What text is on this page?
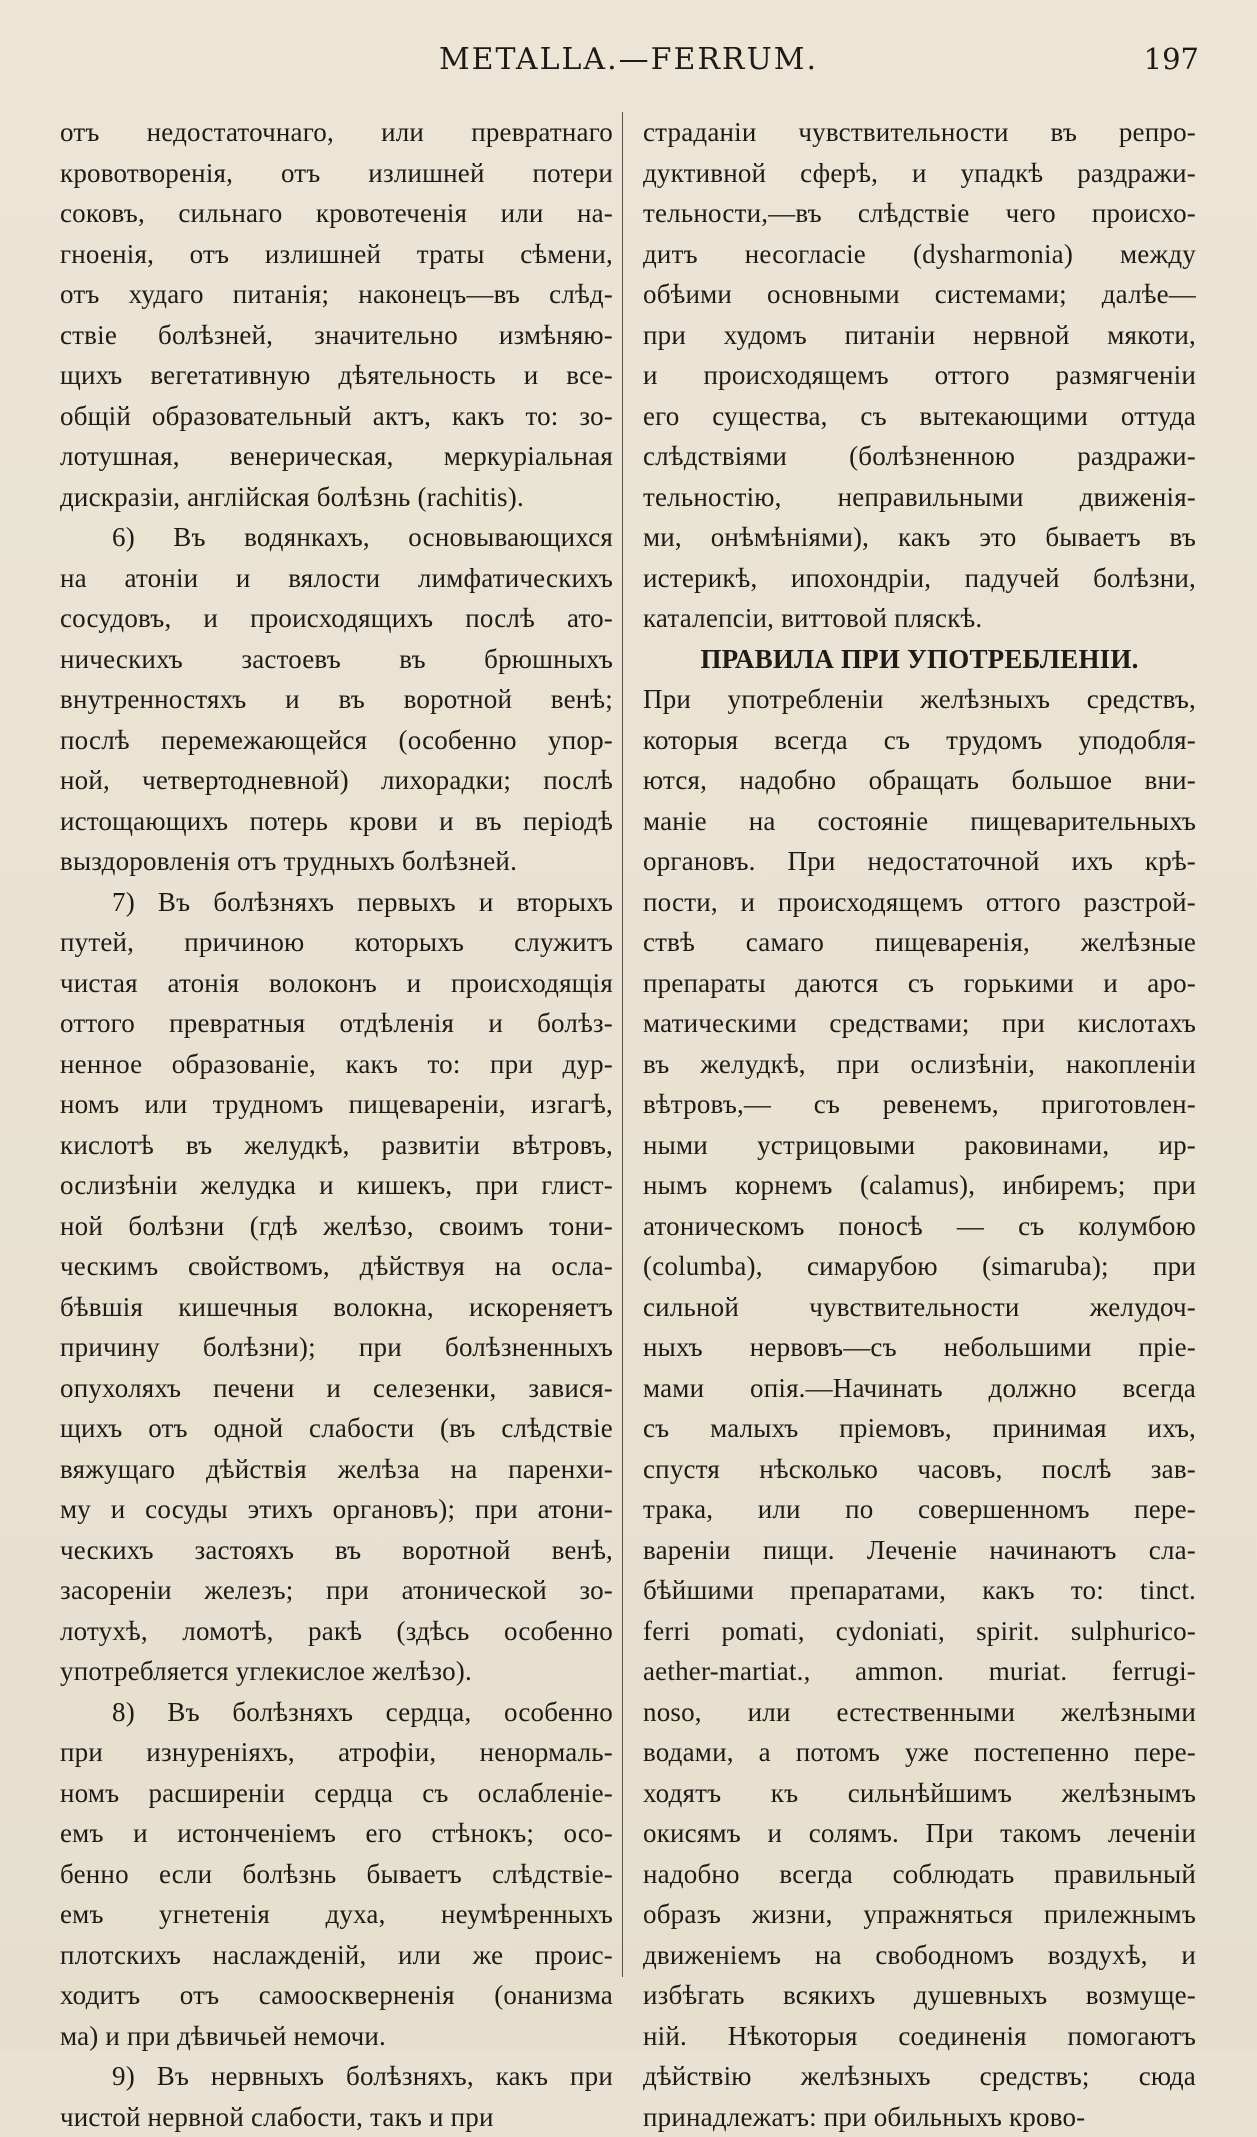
METALLA.—FERRUM.	197
отъ недостаточнаго, или превратнаго
кровотворенія, отъ излишней потери
соковъ, сильнаго кровотеченія или на-
гноенія, отъ излишней траты сѣмени,
отъ худаго питанія; наконецъ—въ слѣд-
ствіе болѣзней, значительно измѣняю-
щихъ вегетативную дѣятельность и все-
общій образовательный актъ, какъ то: зо-
лотушная, венерическая, меркуріальная
дискразіи, англійская болѣзнь (rachitis).
6) Въ водянкахъ, основывающихся
на атоніи и вялости лимфатическихъ
сосудовъ, и происходящихъ послѣ ато-
ническихъ застоевъ въ брюшныхъ
внутренностяхъ и въ воротной венѣ;
послѣ перемежающейся (особенно упор-
ной, четвертодневной) лихорадки; послѣ
истощающихъ потерь крови и въ періодѣ
выздоровленія отъ трудныхъ болѣзней.
7) Въ болѣзняхъ первыхъ и вторыхъ
путей, причиною которыхъ служитъ
чистая атонія волоконъ и происходящія
оттого превратныя отдѣленія и болѣз-
ненное образованіе, какъ то: при дур-
номъ или трудномъ пищевареніи, изгагѣ,
кислотѣ въ желудкѣ, развитіи вѣтровъ,
ослизѣніи желудка и кишекъ, при глист-
ной болѣзни (гдѣ желѣзо, своимъ тони-
ческимъ свойствомъ, дѣйствуя на осла-
бѣвшія кишечныя волокна, искореняетъ
причину болѣзни); при болѣзненныхъ
опухоляхъ печени и селезенки, завися-
щихъ отъ одной слабости (въ слѣдствіе
вяжущаго дѣйствія желѣза на паренхи-
му и сосуды этихъ органовъ); при атони-
ческихъ застояхъ въ воротной венѣ,
засореніи железъ; при атонической зо-
лотухѣ, ломотѣ, ракѣ (здѣсь особенно
употребляется углекислое желѣзо).
8) Въ болѣзняхъ сердца, особенно
при изнуреніяхъ, атрофіи, ненормаль-
номъ расширеніи сердца съ ослабленіе-
емъ и истонченіемъ его стѣнокъ; осо-
бенно если болѣзнь бываетъ слѣдствіе-
емъ угнетенія духа, неумѣренныхъ
плотскихъ наслажденій, или же проис-
ходитъ отъ самооскверненія (онанизма
ма) и при дѣвичьей немочи.
9) Въ нервныхъ болѣзняхъ, какъ при
чистой нервной слабости, такъ и при
страданіи чувствительности въ репро-
дуктивной сферѣ, и упадкѣ раздражи-
тельности,—въ слѣдствіе чего происхо-
дитъ несогласіе (dysharmonia) между
обѣими основными системами; далѣе—
при худомъ питаніи нервной мякоти,
и происходящемъ оттого размягченіи
его существа, съ вытекающими оттуда
слѣдствіями (болѣзненною раздражи-
тельностію, неправильными движенія-
ми, онѣмѣніями), какъ это бываетъ въ
истерикѣ, ипохондріи, падучей болѣзни,
каталепсіи, виттовой пляскѣ.
ПРАВИЛА ПРИ УПОТРЕБЛЕНІИ.
При употребленіи желѣзныхъ средствъ,
которыя всегда съ трудомъ уподобля-
ются, надобно обращать большое вни-
маніе на состояніе пищеварительныхъ
органовъ. При недостаточной ихъ крѣ-
пости, и происходящемъ оттого разстрой-
ствѣ самаго пищеваренія, желѣзные
препараты даются съ горькими и аро-
матическими средствами; при кислотахъ
въ желудкѣ, при ослизѣніи, накопленіи
вѣтровъ,— съ ревенемъ, приготовлен-
ными устрицовыми раковинами, ир-
нымъ корнемъ (calamus), инбиремъ; при
атоническомъ поносѣ — съ колумбою
(columba), симарубою (simaruba); при
сильной чувствительности желудоч-
ныхъ нервовъ—съ небольшими пріе-
мами опія.—Начинать должно всегда
съ малыхъ пріемовъ, принимая ихъ,
спустя нѣсколько часовъ, послѣ зав-
трака, или по совершенномъ пере-
вареніи пищи. Леченіе начинаютъ сла-
бѣйшими препаратами, какъ то: tinct.
ferri pomati, cydoniati, spirit. sulphurico-
aether-martiat., ammon. muriat. ferrugi-
noso, или естественными желѣзными
водами, а потомъ уже постепенно пере-
ходятъ къ сильнѣйшимъ желѣзнымъ
окисямъ и солямъ. При такомъ леченіи
надобно всегда соблюдать правильный
образъ жизни, упражняться прилежнымъ
движеніемъ на свободномъ воздухѣ, и
избѣгать всякихъ душевныхъ возмуще-
ній. Нѣкоторыя соединенія помогаютъ
дѣйствію желѣзныхъ средствъ; сюда
принадлежатъ: при обильныхъ крово-
